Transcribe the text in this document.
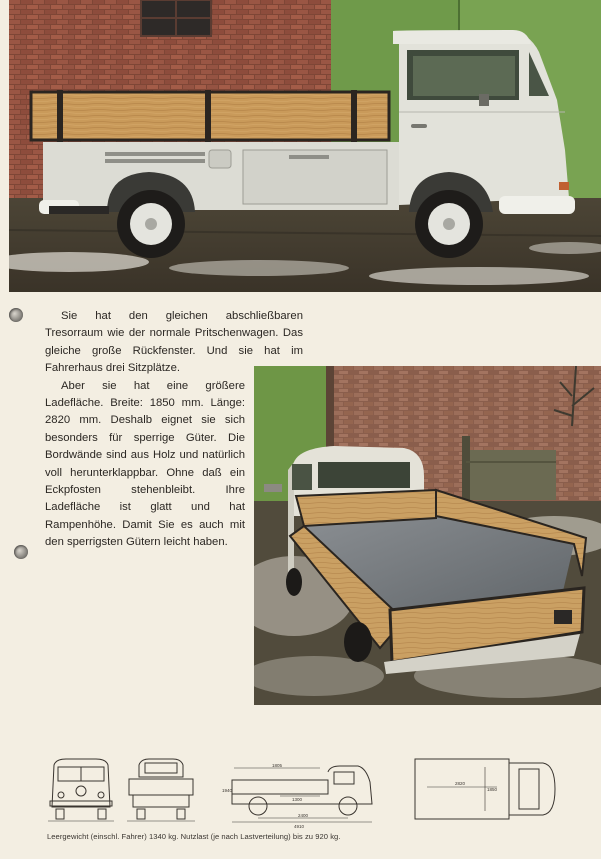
Sie hat den gleichen abschließbaren Tresorraum wie der normale Pritschenwagen. Das gleiche große Rückfenster. Und sie hat im Fahrerhaus drei Sitzplätze.

Aber sie hat eine größere Ladefläche. Breite: 1850 mm. Länge: 2820 mm. Deshalb eignet sie sich besonders für sperrige Güter. Die Bordwände sind aus Holz und natürlich voll herunterklappbar. Ohne daß ein Eckpfosten stehenbleibt. Ihre Ladefläche ist glatt und hat Rampenhöhe. Damit Sie es auch mit den sperrigsten Gütern leicht haben.

1805
4910
1300
2400
1940
2820
1850
Leergewicht (einschl. Fahrer) 1340 kg. Nutzlast (je nach Lastverteilung) bis zu 920 kg.
